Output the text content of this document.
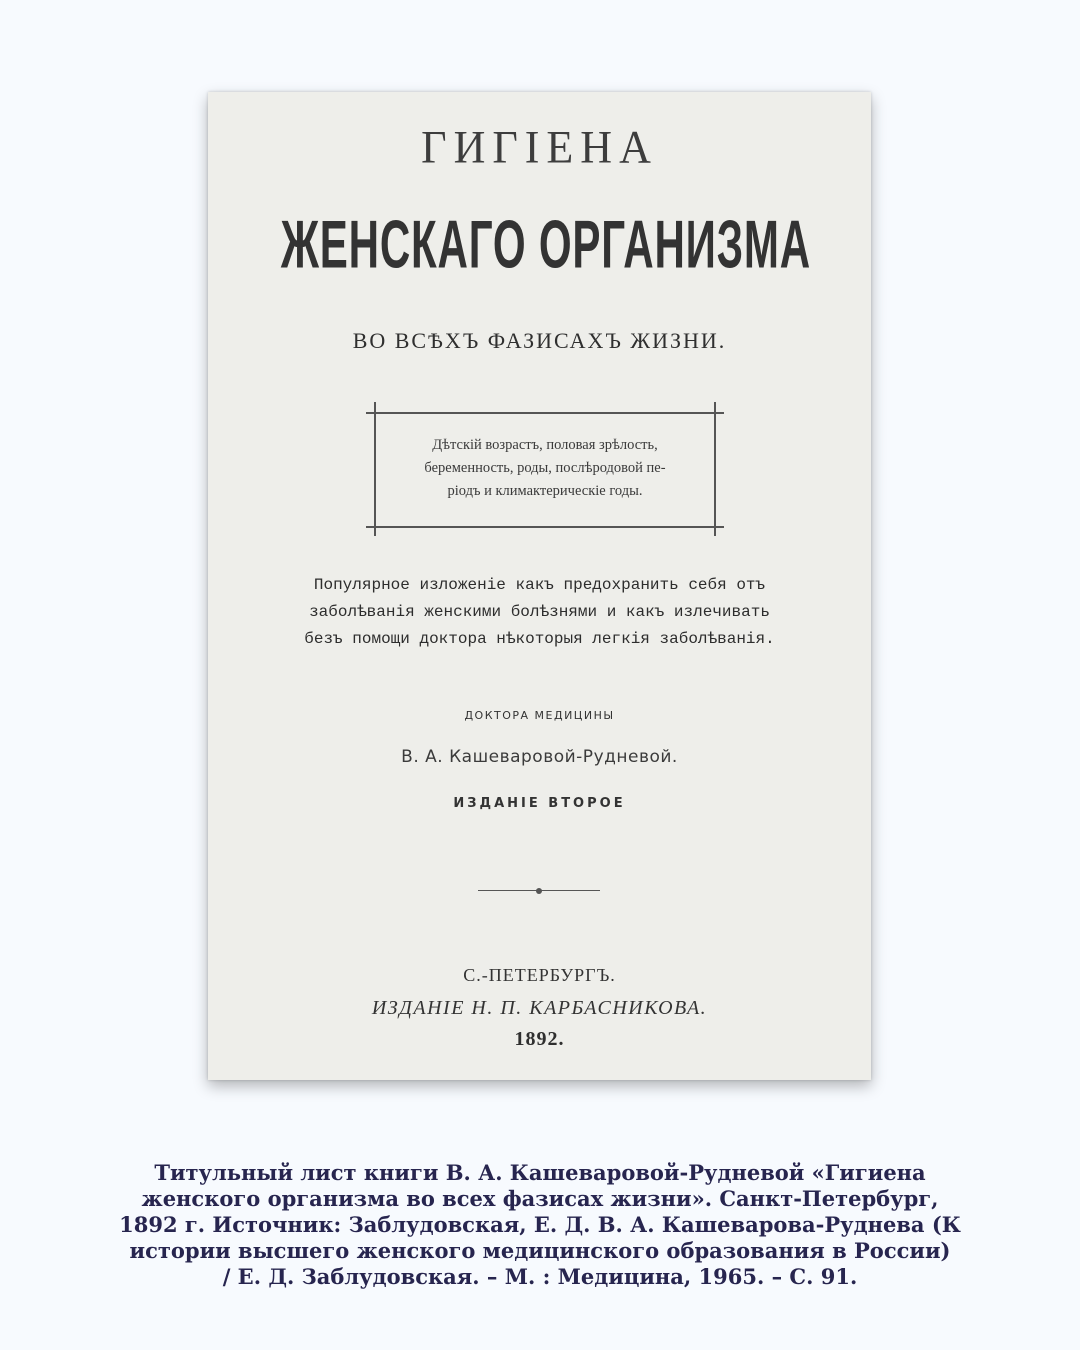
ГИГІЕНА
ЖЕНСКАГО ОРГАНИЗМА
ВО ВСѢХЪ ФАЗИСАХЪ ЖИЗНИ.
Дѣтскій возрастъ, половая зрѣлость,
беременность, роды, послѣродовой пе-
ріодъ и климактерическіе годы.
Популярное изложеніе какъ предохранить себя отъ
заболѣванія женскими болѣзнями и какъ излечивать
безъ помощи доктора нѣкоторыя легкія заболѣванія.
ДОКТОРА МЕДИЦИНЫ
В. А. Кашеваровой-Рудневой.
ИЗДАНІЕ ВТОРОЕ
С.-ПЕТЕРБУРГЪ.
ИЗДАНІЕ Н. П. КАРБАСНИКОВА.
1892.
Титульный лист книги В. А. Кашеваровой-Рудневой «Гигиена
женского организма во всех фазисах жизни». Санкт-Петербург,
1892 г. Источник: Заблудовская, Е. Д. В. А. Кашеварова-Руднева (К
истории высшего женского медицинского образования в России)
/ Е. Д. Заблудовская. – М. : Медицина, 1965. – С. 91.
